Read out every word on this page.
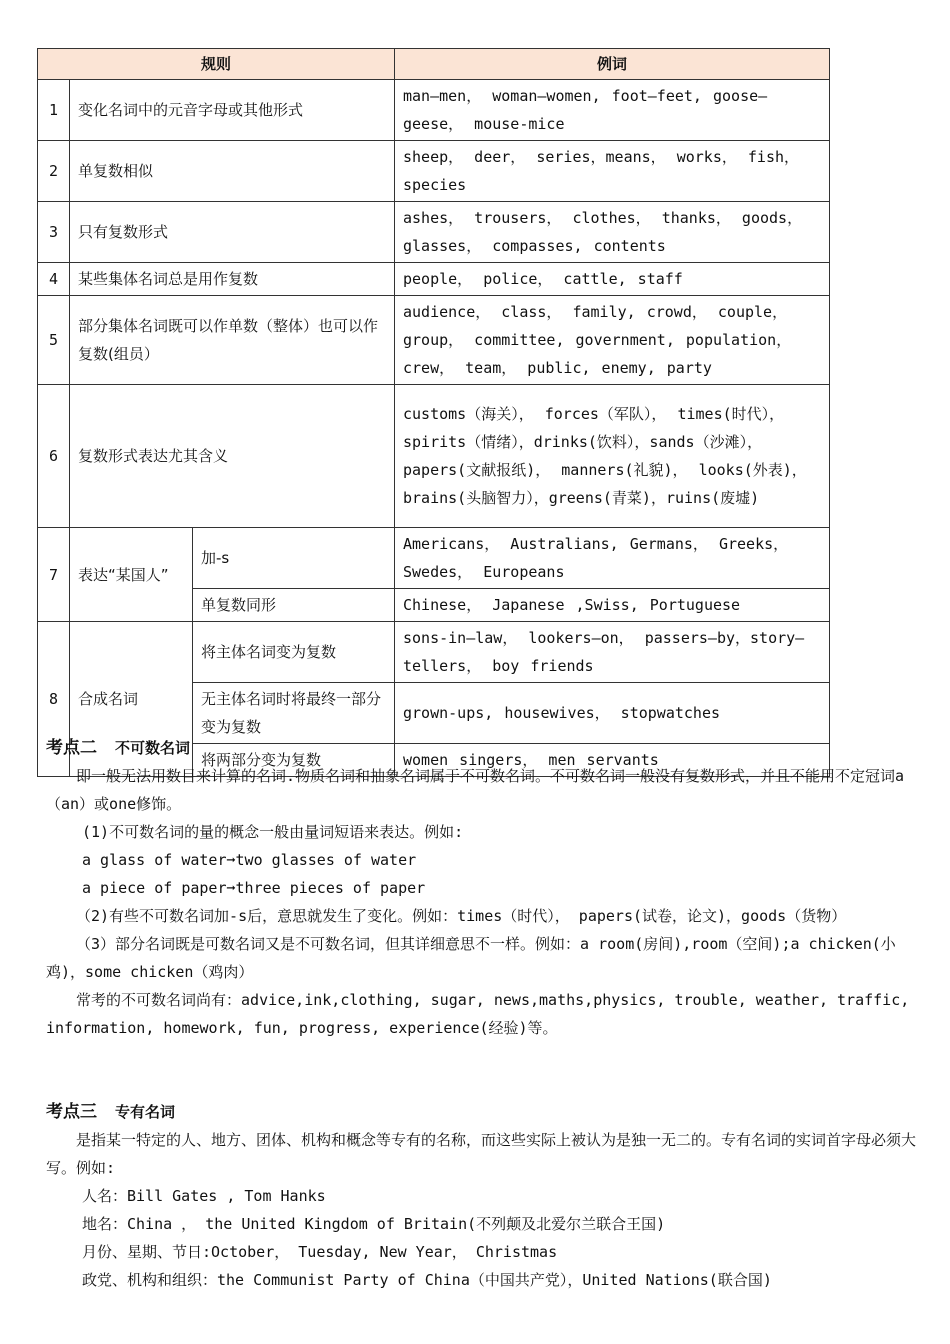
规则			例词
1	变化名词中的元音字母或其他形式		man—men， woman—women, foot—feet, goose—geese， mouse-mice
2	单复数相似		sheep， deer， series，means， works， fish，species
3	只有复数形式		ashes， trousers， clothes， thanks， goods，glasses， compasses, contents
4	某些集体名词总是用作复数		people， police， cattle, staff
5	部分集体名词既可以作单数（整体）也可以作复数(组员）		audience， class， family, crowd， couple，group， committee, government, population，crew， team， public, enemy, party
6	复数形式表达尤其含义		customs（海关）， forces（军队）， times(时代），spirits（情绪），drinks(饮料），sands（沙滩），papers(文献报纸)， manners(礼貌)， looks(外表)， brains(头脑智力），greens(青菜)，ruins(废墟)
7	表达“某国人”	加-s	Americans， Australians, Germans， Greeks，Swedes， Europeans
		单复数同形	Chinese， Japanese ,Swiss, Portuguese
8	合成名词	将主体名词变为复数	sons-in—law， lookers—on， passers—by，story—tellers， boy friends
		无主体名词时将最终一部分变为复数	grown-ups, housewives， stopwatches
		将两部分变为复数	women singers， men servants

考点二 不可数名词

即一般无法用数目来计算的名词.物质名词和抽象名词属于不可数名词。不可数名词一般没有复数形式，并且不能用不定冠词a（an）或one修饰。

(1)不可数名词的量的概念一般由量词短语来表达。例如:

a glass of water➞two glasses of water

a piece of paper➞three pieces of paper

（2)有些不可数名词加-s后，意思就发生了变化。例如：times（时代）， papers(试卷，论文)，goods（货物）

（3）部分名词既是可数名词又是不可数名词，但其详细意思不一样。例如：a room(房间),room（空间);a chicken(小鸡)，some chicken（鸡肉）

常考的不可数名词尚有：advice,ink,clothing, sugar, news,maths,physics, trouble, weather, traffic, information, homework, fun, progress, experience(经验)等。

考点三 专有名词

是指某一特定的人、地方、团体、机构和概念等专有的名称，而这些实际上被认为是独一无二的。专有名词的实词首字母必须大写。例如:

人名：Bill Gates , Tom Hanks

地名：China ， the United Kingdom of Britain(不列颠及北爱尔兰联合王国)

月份、星期、节日:October， Tuesday, New Year， Christmas

政党、机构和组织：the Communist Party of China（中国共产党），United Nations(联合国)
